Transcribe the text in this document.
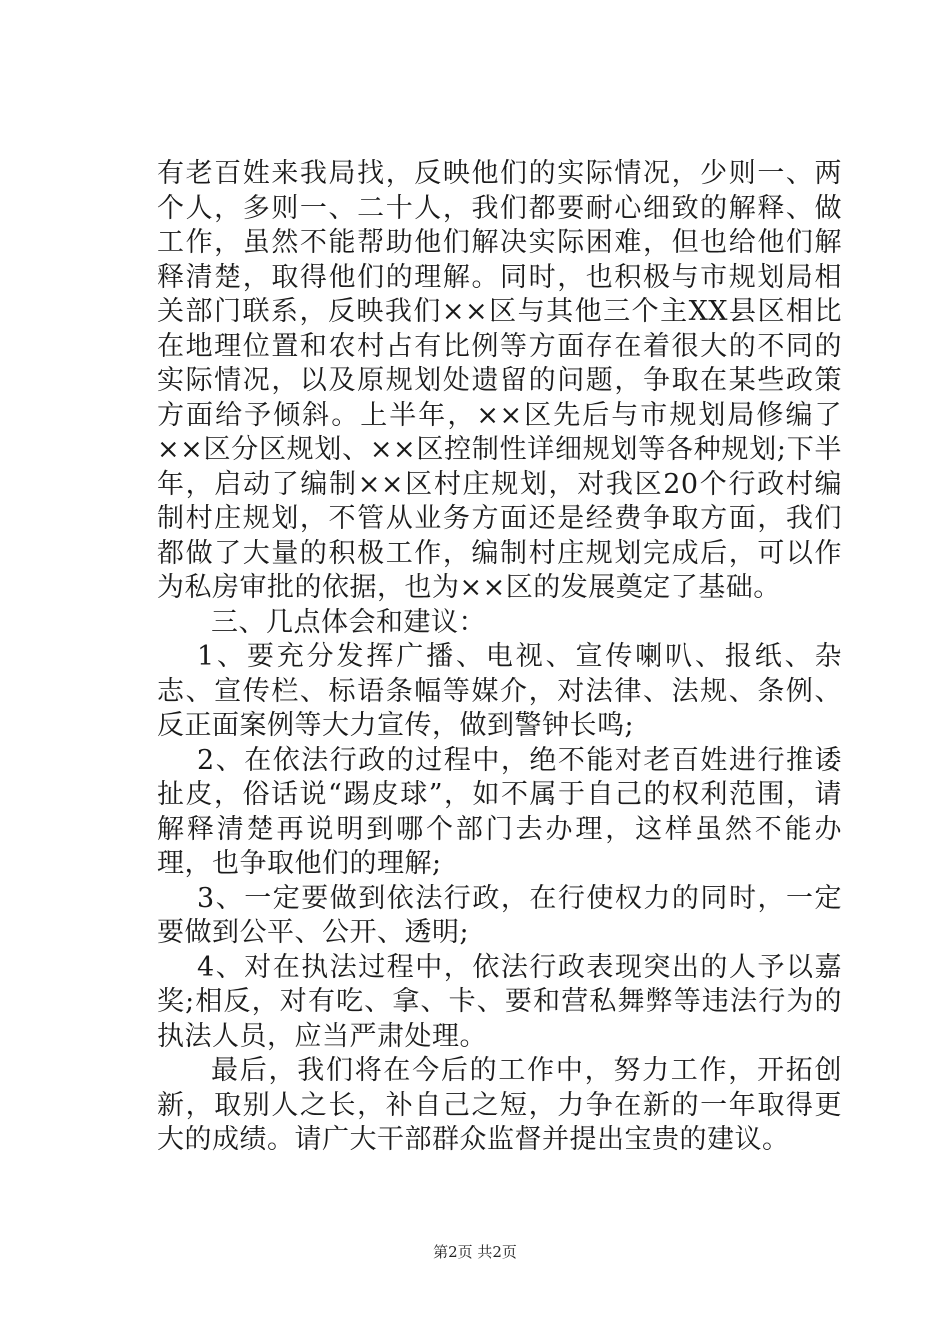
有老百姓来我局找，反映他们的实际情况，少则一、两个人，多则一、二十人，我们都要耐心细致的解释、做工作，虽然不能帮助他们解决实际困难，但也给他们解释清楚，取得他们的理解。同时，也积极与市规划局相关部门联系，反映我们××区与其他三个主XX县区相比在地理位置和农村占有比例等方面存在着很大的不同的实际情况，以及原规划处遗留的问题，争取在某些政策方面给予倾斜。上半年，××区先后与市规划局修编了××区分区规划、××区控制性详细规划等各种规划;下半年，启动了编制××区村庄规划，对我区20个行政村编制村庄规划，不管从业务方面还是经费争取方面，我们都做了大量的积极工作，编制村庄规划完成后，可以作为私房审批的依据，也为××区的发展奠定了基础。

三、几点体会和建议：

1、要充分发挥广播、电视、宣传喇叭、报纸、杂志、宣传栏、标语条幅等媒介，对法律、法规、条例、反正面案例等大力宣传，做到警钟长鸣;

2、在依法行政的过程中，绝不能对老百姓进行推诿扯皮，俗话说“踢皮球”，如不属于自己的权利范围，请解释清楚再说明到哪个部门去办理，这样虽然不能办理，也争取他们的理解;

3、一定要做到依法行政，在行使权力的同时，一定要做到公平、公开、透明;

4、对在执法过程中，依法行政表现突出的人予以嘉奖;相反，对有吃、拿、卡、要和营私舞弊等违法行为的执法人员，应当严肃处理。

最后，我们将在今后的工作中，努力工作，开拓创新，取别人之长，补自己之短，力争在新的一年取得更大的成绩。请广大干部群众监督并提出宝贵的建议。

第2页 共2页
